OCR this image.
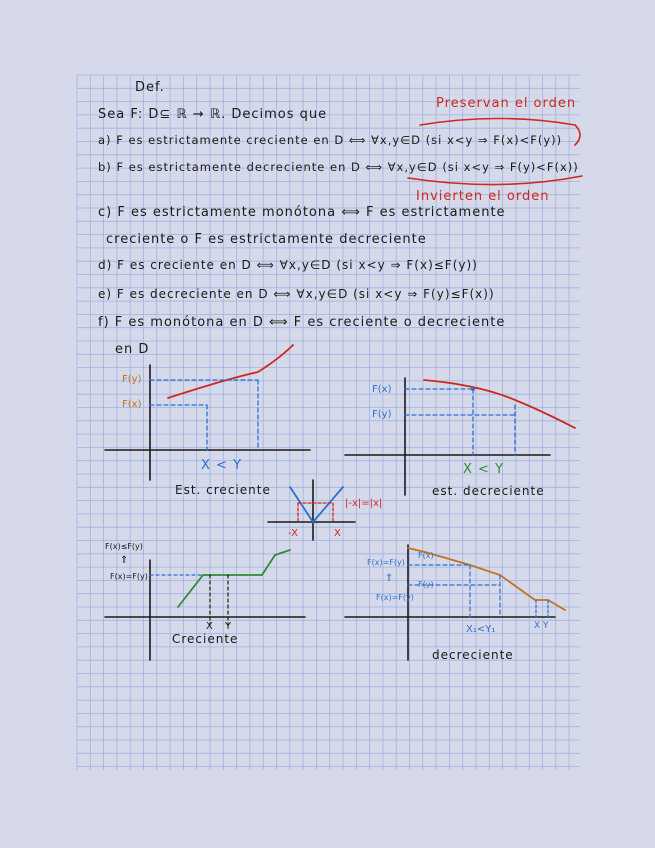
Def.
Sea F: D⊆ ℝ → ℝ. Decimos que
Preservan el orden
a) F es estrictamente creciente en D ⟺ ∀x,y∈D (si x<y ⇒ F(x)<F(y))
b) F es estrictamente decreciente en D ⟺ ∀x,y∈D (si x<y ⇒ F(y)<F(x))
Invierten el orden
c) F es estrictamente monótona ⟺ F es estrictamente
creciente o F es estrictamente decreciente
d) F es creciente en D ⟺ ∀x,y∈D (si x<y ⇒ F(x)≤F(y))
e) F es decreciente en D ⟺ ∀x,y∈D (si x<y ⇒ F(y)≤F(x))
f) F es monótona en D ⟺ F es creciente o decreciente
en D
F(y)
F(x)
X < Y
Est. creciente
F(x)
F(y)
X < Y
est. decreciente
|-x|=|x|
-X	X
F(x)≤F(y)
⇑
F(x)=F(y)
X Y
Creciente
F(x)=F(y)
F(x)
⇑
F(y)
F(x)=F(y)
X₁<Y₁	X Y
decreciente
